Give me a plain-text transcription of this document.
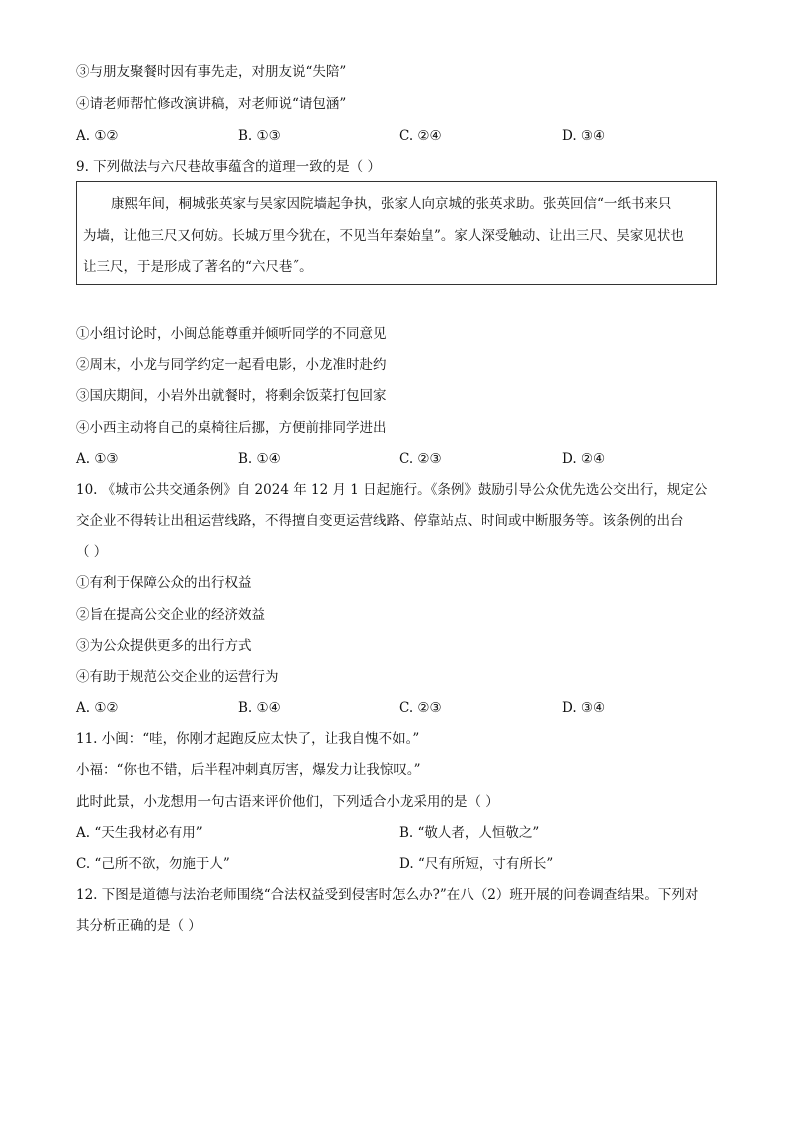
③与朋友聚餐时因有事先走，对朋友说“失陪”
④请老师帮忙修改演讲稿，对老师说“请包涵”
A. ①②	B. ①③	C. ②④	D. ③④
9. 下列做法与六尺巷故事蕴含的道理一致的是（ ）
康熙年间，桐城张英家与吴家因院墙起争执，张家人向京城的张英求助。张英回信“一纸书来只
为墙，让他三尺又何妨。长城万里今犹在，不见当年秦始皇”。家人深受触动、让出三尺、吴家见状也
让三尺，于是形成了著名的“六尺巷˝。
①小组讨论时，小闽总能尊重并倾听同学的不同意见
②周末，小龙与同学约定一起看电影，小龙准时赴约
③国庆期间，小岩外出就餐时，将剩余饭菜打包回家
④小西主动将自己的桌椅往后挪，方便前排同学进出
A. ①③	B. ①④	C. ②③	D. ②④
10. 《城市公共交通条例》自 2024 年 12 月 1 日起施行。《条例》鼓励引导公众优先选公交出行，规定公
交企业不得转让出租运营线路，不得擅自变更运营线路、停靠站点、时间或中断服务等。该条例的出台
（ ）
①有利于保障公众的出行权益
②旨在提高公交企业的经济效益
③为公众提供更多的出行方式
④有助于规范公交企业的运营行为
A. ①②	B. ①④	C. ②③	D. ③④
11. 小闽：“哇，你刚才起跑反应太快了，让我自愧不如。”
小福：“你也不错，后半程冲刺真厉害，爆发力让我惊叹。”
此时此景，小龙想用一句古语来评价他们，下列适合小龙采用的是（ ）
A. “天生我材必有用”	B. “敬人者，人恒敬之”
C. “己所不欲，勿施于人”	D. “尺有所短，寸有所长”
12. 下图是道德与法治老师围绕“合法权益受到侵害时怎么办?”在八（2）班开展的问卷调查结果。下列对
其分析正确的是（ ）
